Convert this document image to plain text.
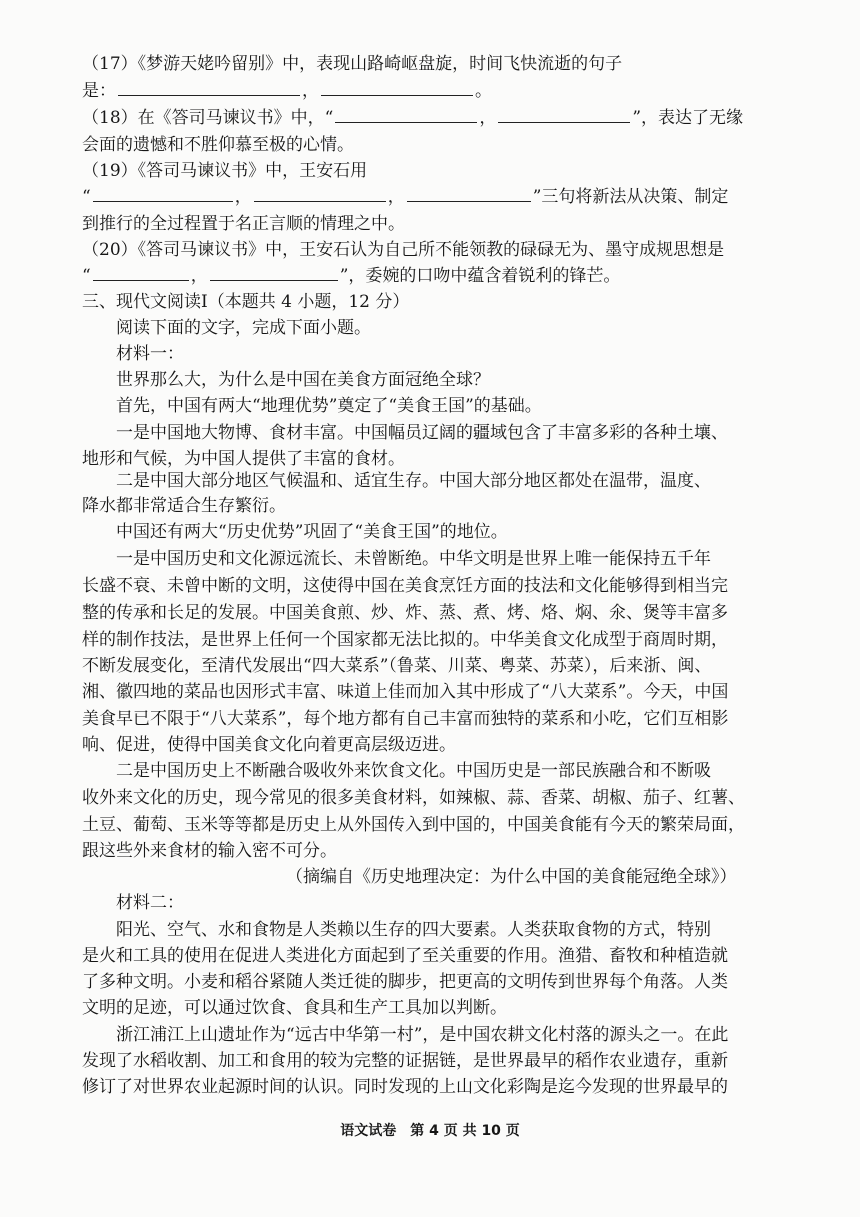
（17）《梦游天姥吟留别》中，表现山路崎岖盘旋，时间飞快流逝的句子
是：	，	。
（18）在《答司马谏议书》中，“	，	”，表达了无缘
会面的遗憾和不胜仰慕至极的心情。
（19）《答司马谏议书》中，王安石用
“	，	，	”三句将新法从决策、制定
到推行的全过程置于名正言顺的情理之中。
（20）《答司马谏议书》中，王安石认为自己所不能领教的碌碌无为、墨守成规思想是
“	，	”，委婉的口吻中蕴含着锐利的锋芒。
三、现代文阅读Ⅰ（本题共 4 小题，12 分）
阅读下面的文字，完成下面小题。
材料一：
世界那么大，为什么是中国在美食方面冠绝全球？
首先，中国有两大“地理优势”奠定了“美食王国”的基础。
一是中国地大物博、食材丰富。中国幅员辽阔的疆域包含了丰富多彩的各种土壤、
地形和气候，为中国人提供了丰富的食材。
二是中国大部分地区气候温和、适宜生存。中国大部分地区都处在温带，温度、
降水都非常适合生存繁衍。
中国还有两大“历史优势”巩固了“美食王国”的地位。
一是中国历史和文化源远流长、未曾断绝。中华文明是世界上唯一能保持五千年
长盛不衰、未曾中断的文明，这使得中国在美食烹饪方面的技法和文化能够得到相当完
整的传承和长足的发展。中国美食煎、炒、炸、蒸、煮、烤、烙、焖、氽、煲等丰富多
样的制作技法，是世界上任何一个国家都无法比拟的。中华美食文化成型于商周时期，
不断发展变化，至清代发展出“四大菜系”（鲁菜、川菜、粤菜、苏菜），后来浙、闽、
湘、徽四地的菜品也因形式丰富、味道上佳而加入其中形成了“八大菜系”。今天，中国
美食早已不限于“八大菜系”，每个地方都有自己丰富而独特的菜系和小吃，它们互相影
响、促进，使得中国美食文化向着更高层级迈进。
二是中国历史上不断融合吸收外来饮食文化。中国历史是一部民族融合和不断吸
收外来文化的历史，现今常见的很多美食材料，如辣椒、蒜、香菜、胡椒、茄子、红薯、
土豆、葡萄、玉米等等都是历史上从外国传入到中国的，中国美食能有今天的繁荣局面，
跟这些外来食材的输入密不可分。
（摘编自《历史地理决定：为什么中国的美食能冠绝全球》）
材料二：
阳光、空气、水和食物是人类赖以生存的四大要素。人类获取食物的方式，特别
是火和工具的使用在促进人类进化方面起到了至关重要的作用。渔猎、畜牧和种植造就
了多种文明。小麦和稻谷紧随人类迁徙的脚步，把更高的文明传到世界每个角落。人类
文明的足迹，可以通过饮食、食具和生产工具加以判断。
浙江浦江上山遗址作为“远古中华第一村”，是中国农耕文化村落的源头之一。在此
发现了水稻收割、加工和食用的较为完整的证据链，是世界最早的稻作农业遗存，重新
修订了对世界农业起源时间的认识。同时发现的上山文化彩陶是迄今发现的世界最早的
语文试卷　第 4 页 共 10 页
